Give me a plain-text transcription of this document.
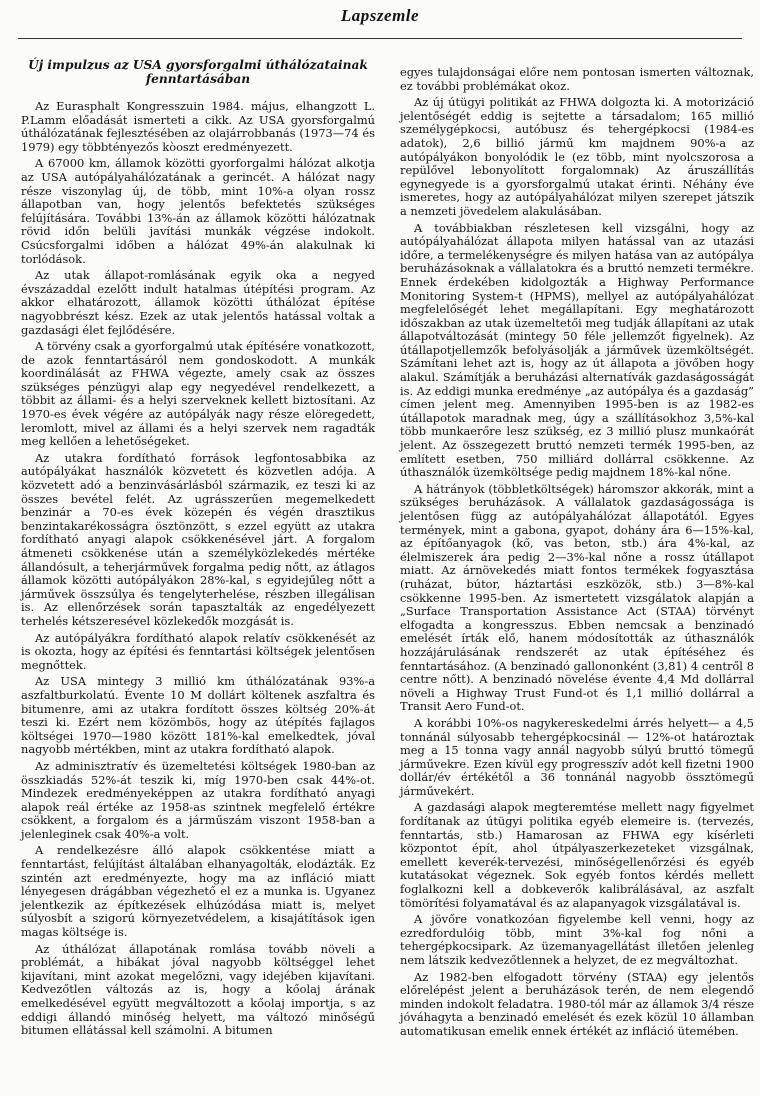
Lapszemle
Új impulzus az USA gyorsforgalmi úthálózatainak
fenntartásában

Az Eurasphalt Kongresszuin 1984. május, elhangzott L. P.Lamm előadását ismerteti a cikk. Az USA gyorsforgalmú úthálózatának fejlesztésében az olajárrobbanás (1973—74 és 1979) egy többtényezős kòoszt eredményezett.

A 67000 km, államok közötti gyorforgalmi hálózat alkotja az USA autópályahálózatának a gerincét. A hálózat nagy része viszonylag új, de több, mint 10%-a olyan rossz állapotban van, hogy jelentős befektetés szükséges felújítására. További 13%-án az államok közötti hálózatnak rövid időn belüli javítási munkák végzése indokolt. Csúcsforgalmi időben a hálózat 49%-án alakulnak ki torlódások.

Az utak állapot-romlásának egyik oka a negyed évszázaddal ezelőtt indult hatalmas útépítési program. Az akkor elhatározott, államok közötti úthálózat építése nagyobbrészt kész. Ezek az utak jelentős hatással voltak a gazdasági élet fejlődésére.

A törvény csak a gyorforgalmú utak építésére vonatkozott, de azok fenntartásáról nem gondoskodott. A munkák koordinálását az FHWA végezte, amely csak az összes szükséges pénzügyi alap egy negyedével rendelkezett, a többit az állami- és a helyi szerveknek kellett biztosítani. Az 1970-es évek végére az autópályák nagy része elöregedett, leromlott, mivel az állami és a helyi szervek nem ragadták meg kellően a lehetőségeket.

Az utakra fordítható források legfontosabbika az autópályákat használók közvetett és közvetlen adója. A közvetett adó a benzinvásárlásból származik, ez teszi ki az összes bevétel felét. Az ugrásszerűen megemelkedett benzinár a 70-es évek közepén és végén drasztikus benzintakarékosságra ösztönzött, s ezzel együtt az utakra fordítható anyagi alapok csökkenésével járt. A forgalom átmeneti csökkenése után a személyközlekedés mértéke állandósult, a teherjárművek forgalma pedig nőtt, az átlagos államok közötti autópályákon 28%-kal, s egyidejűleg nőtt a járművek összsúlya és tengelyterhelése, részben illegálisan is. Az ellenőrzések során tapasztalták az engedélyezett terhelés kétszeresével közlekedők mozgását is.

Az autópályákra fordítható alapok relatív csökkenését az is okozta, hogy az építési és fenntartási költségek jelentősen megnőttek.

Az USA mintegy 3 millió km úthálózatának 93%-a aszfaltburkolatú. Évente 10 M dollárt költenek aszfaltra és bitumenre, ami az utakra fordított összes költség 20%-át teszi ki. Ezért nem közömbös, hogy az útépítés fajlagos költségei 1970—1980 között 181%-kal emelkedtek, jóval nagyobb mértékben, mint az utakra fordítható alapok.

Az adminisztratív és üzemeltetési költségek 1980-ban az összkiadás 52%-át teszik ki, míg 1970-ben csak 44%-ot. Mindezek eredményeképpen az utakra fordítható anyagi alapok reál értéke az 1958-as szintnek megfelelő értékre csökkent, a forgalom és a járműszám viszont 1958-ban a jelenleginek csak 40%-a volt.

A rendelkezésre álló alapok csökkentése miatt a fenntartást, felújítást általában elhanyagolták, elodázták. Ez szintén azt eredményezte, hogy ma az infláció miatt lényegesen drágábban végezhető el ez a munka is. Ugyanez jelentkezik az építkezések elhúzódása miatt is, melyet súlyosbít a szigorú környezetvédelem, a kisajátítások igen magas költsége is.

Az úthálózat állapotának romlása tovább növeli a problémát, a hibákat jóval nagyobb költséggel lehet kijavítani, mint azokat megelőzni, vagy idejében kijavítani. Kedvezőtlen változás az is, hogy a kőolaj árának emelkedésével együtt megváltozott a kőolaj importja, s az eddigi állandó minőség helyett, ma változó minőségű bitumen ellátással kell számolni. A bitumen

egyes tulajdonságai előre nem pontosan ismerten változnak, ez további problémákat okoz.

Az új útügyi politikát az FHWA dolgozta ki. A motorizáció jelentőségét eddig is sejtette a társadalom; 165 millió személygépkocsi, autóbusz és tehergépkocsi (1984-es adatok), 2,6 billió jármű km majdnem 90%-a az autópályákon bonyolódik le (ez több, mint nyolcszorosa a repülővel lebonyolított forgalomnak) Az áruszállítás egynegyede is a gyorsforgalmú utakat érinti. Néhány éve ismeretes, hogy az autópályahálózat milyen szerepet játszik a nemzeti jövedelem alakulásában.

A továbbiakban részletesen kell vizsgálni, hogy az autópályahálózat állapota milyen hatással van az utazási időre, a termelékenységre és milyen hatása van az autópálya beruházásoknak a vállalatokra és a bruttó nemzeti termékre. Ennek érdekében kidolgozták a Highway Performance Monitoring System-t (HPMS), mellyel az autópályahálózat megfelelőségét lehet megállapítani. Egy meghatározott időszakban az utak üzemeltetői meg tudják állapítani az utak állapotváltozását (mintegy 50 féle jellemzőt figyelnek). Az útállapotjellemzők befolyásolják a járművek üzemköltségét. Számítani lehet azt is, hogy az út állapota a jövőben hogy alakul. Számítják a beruházási alternatívák gazdaságosságát is. Az eddigi munka eredménye „az autópálya és a gazdaság” címen jelent meg. Amennyiben 1995-ben is az 1982-es útállapotok maradnak meg, úgy a szállításokhoz 3,5%-kal több munkaerőre lesz szükség, ez 3 millió plusz munkaórát jelent. Az összegezett bruttó nemzeti termék 1995-ben, az említett esetben, 750 milliárd dollárral csökkenne. Az úthasználók üzemköltsége pedig majdnem 18%-kal nőne.

A hátrányok (többletköltségek) háromszor akkorák, mint a szükséges beruházások. A vállalatok gazdaságossága is jelentősen függ az autópályahálózat állapotától. Egyes termények, mint a gabona, gyapot, dohány ára 6—15%-kal, az építőanyagok (kő, vas beton, stb.) ára 4%-kal, az élelmiszerek ára pedig 2—3%-kal nőne a rossz útállapot miatt. Az árnövekedés miatt fontos termékek fogyasztása (ruházat, bútor, háztartási eszközök, stb.) 3—8%-kal csökkenne 1995-ben. Az ismertetett vizsgálatok alapján a „Surface Transportation Assistance Act (STAA) törvényt elfogadta a kongresszus. Ebben nemcsak a benzinadó emelését írták elő, hanem módosították az úthasználók hozzájárulásának rendszerét az utak építéséhez és fenntartásához. (A benzinadó gallononként (3,81) 4 centről 8 centre nőtt). A benzinadó növelése évente 4,4 Md dollárral növeli a Highway Trust Fund-ot és 1,1 millió dollárral a Transit Aero Fund-ot.

A korábbi 10%-os nagykereskedelmi árrés helyett— a 4,5 tonnánál súlyosabb tehergépkocsinál — 12%-ot határoztak meg a 15 tonna vagy annál nagyobb súlyú bruttó tömegű járművekre. Ezen kívül egy progresszív adót kell fizetni 1900 dollár/év értékétől a 36 tonnánál nagyobb össztömegű járművekért.

A gazdasági alapok megteremtése mellett nagy figyelmet fordítanak az útügyi politika egyéb elemeire is. (tervezés, fenntartás, stb.) Hamarosan az FHWA egy kísérleti központot épít, ahol útpályaszerkezeteket vizsgálnak, emellett keverék-tervezési, minőségellenőrzési és egyéb kutatásokat végeznek. Sok egyéb fontos kérdés mellett foglalkozni kell a dobkeverők kalibrálásával, az aszfalt tömörítési folyamatával és az alapanyagok vizsgálatával is.

A jövőre vonatkozóan figyelembe kell venni, hogy az ezredfordulóig több, mint 3%-kal fog nőni a tehergépkocsipark. Az üzemanyagellátást illetően jelenleg nem látszik kedvezőtlennek a helyzet, de ez megváltozhat.

Az 1982-ben elfogadott törvény (STAA) egy jelentős előrelépést jelent a beruházások terén, de nem elegendő minden indokolt feladatra. 1980-tól már az államok 3/4 része jóváhagyta a benzinadó emelését és ezek közül 10 államban automatikusan emelik ennek értékét az infláció ütemében.
